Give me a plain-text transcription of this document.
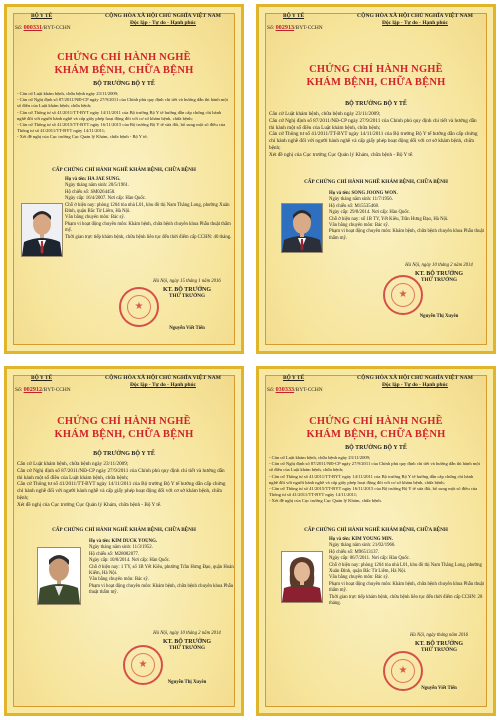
BỘ Y TẾ
Số: 000331/BYT-CCHN
CỘNG HÒA XÃ HỘI CHỦ NGHĨA VIỆT NAM
Độc lập - Tự do - Hạnh phúc
CHỨNG CHỈ HÀNH NGHỀ
KHÁM BỆNH, CHỮA BỆNH
BỘ TRƯỞNG BỘ Y TẾ
- Căn cứ Luật khám bệnh, chữa bệnh ngày 23/11/2009;
- Căn cứ Nghị định số 87/2011/NĐ-CP ngày 27/9/2011 của Chính phủ quy định chi tiết và hướng dẫn thi hành một số điều của Luật khám bệnh, chữa bệnh;
- Căn cứ Thông tư số 41/2011/TT-BYT ngày 14/11/2011 của Bộ trưởng Bộ Y tế hướng dẫn cấp chứng chỉ hành nghề đối với người hành nghề và cấp giấy phép hoạt động đối với cơ sở khám bệnh, chữa bệnh;
- Căn cứ Thông tư số 41/2015/TT-BYT ngày 16/11/2015 của Bộ trưởng Bộ Y tế sửa đổi, bổ sung một số điều của Thông tư số 41/2011/TT-BYT ngày 14/11/2011;
- Xét đề nghị của Cục trưởng Cục Quản lý Khám, chữa bệnh - Bộ Y tế;
CẤP CHỨNG CHỈ HÀNH NGHỀ KHÁM BỆNH, CHỮA BỆNH
Họ và tên: HA JAE SUNG.
Ngày tháng năm sinh: 20/5/1961.
Hộ chiếu số: SM0264458.
Ngày cấp: 16/4/2007. Nơi cấp: Hàn Quốc.
Chỗ ở hiện nay: phòng 1204 tòa nhà L01, khu đô thị Nam Thăng Long, phường Xuân Đỉnh, quận Bắc Từ Liêm, Hà Nội.
Văn bằng chuyên môn: Bác sỹ.
Phạm vi hoạt động chuyên môn: Khám bệnh, chữa bệnh chuyên khoa Phẫu thuật thẩm mỹ.
Thời gian trực tiếp khám bệnh, chữa bệnh liên tục đến thời điểm cấp CCHN: 40 tháng.
★
Hà Nội, ngày 15 tháng 1 năm 2016
KT. BỘ TRƯỞNG
THỨ TRƯỞNG
Nguyễn Viết Tiến
BỘ Y TẾ
Số: 002913/BYT-CCHN
CỘNG HÒA XÃ HỘI CHỦ NGHĨA VIỆT NAM
Độc lập - Tự do - Hạnh phúc
CHỨNG CHỈ HÀNH NGHỀ
KHÁM BỆNH, CHỮA BỆNH
BỘ TRƯỞNG BỘ Y TẾ
Căn cứ Luật khám bệnh, chữa bệnh ngày 23/11/2009;
Căn cứ Nghị định số 87/2011/NĐ-CP ngày 27/9/2011 của Chính phủ quy định chi tiết và hướng dẫn thi hành một số điều của Luật khám bệnh, chữa bệnh;
Căn cứ Thông tư số 41/2011/TT-BYT ngày 14/11/2011 của Bộ trưởng Bộ Y tế hướng dẫn cấp chứng chỉ hành nghề đối với người hành nghề và cấp giấy phép hoạt động đối với cơ sở khám bệnh, chữa bệnh;
Xét đề nghị của Cục trưởng Cục Quản lý Khám, chữa bệnh - Bộ Y tế.
CẤP CHỨNG CHỈ HÀNH NGHỀ KHÁM BỆNH, CHỮA BỆNH
Họ và tên: SONG JOONG WON.
Ngày tháng năm sinh: 11/7/1956.
Hộ chiếu số: M15535468.
Ngày cấp: 29/8/2014. Nơi cấp: Hàn Quốc.
Chỗ ở hiện nay: số 1B TY, Yết Kiêu, Trần Hưng Đạo, Hà Nội.
Văn bằng chuyên môn: Bác sỹ.
Phạm vi hoạt động chuyên môn: Khám bệnh, chữa bệnh chuyên khoa Phẫu thuật thẩm mỹ.
★
Hà Nội, ngày 10 tháng 2 năm 2014
KT. BỘ TRƯỞNG
THỨ TRƯỞNG
Nguyễn Thị Xuyên
BỘ Y TẾ
Số: 002912/BYT-CCHN
CỘNG HÒA XÃ HỘI CHỦ NGHĨA VIỆT NAM
Độc lập - Tự do - Hạnh phúc
CHỨNG CHỈ HÀNH NGHỀ
KHÁM BỆNH, CHỮA BỆNH
BỘ TRƯỞNG BỘ Y TẾ
Căn cứ Luật khám bệnh, chữa bệnh ngày 23/11/2009;
Căn cứ Nghị định số 87/2011/NĐ-CP ngày 27/9/2011 của Chính phủ quy định chi tiết và hướng dẫn thi hành một số điều của Luật khám bệnh, chữa bệnh;
Căn cứ Thông tư số 41/2011/TT-BYT ngày 14/11/2011 của Bộ trưởng Bộ Y tế hướng dẫn cấp chứng chỉ hành nghề đối với người hành nghề và cấp giấy phép hoạt động đối với cơ sở khám bệnh, chữa bệnh;
Xét đề nghị của Cục trưởng Cục Quản lý Khám, chữa bệnh - Bộ Y tế.
CẤP CHỨNG CHỈ HÀNH NGHỀ KHÁM BỆNH, CHỮA BỆNH
Họ và tên: KIM DUCK YOUNG.
Ngày tháng năm sinh: 11/3/1952.
Hộ chiếu số: M28082077.
Ngày cấp: 10/8/2014. Nơi cấp: Hàn Quốc.
Chỗ ở hiện nay: 1 TY, số 1B Yết Kiêu, phường Trần Hưng Đạo, quận Hoàn Kiếm, Hà Nội.
Văn bằng chuyên môn: Bác sỹ.
Phạm vi hoạt động chuyên môn: Khám bệnh, chữa bệnh chuyên khoa Phẫu thuật thẩm mỹ.
★
Hà Nội, ngày 10 tháng 2 năm 2014
KT. BỘ TRƯỞNG
THỨ TRƯỞNG
Nguyễn Thị Xuyên
BỘ Y TẾ
Số: 030333/BYT-CCHN
CỘNG HÒA XÃ HỘI CHỦ NGHĨA VIỆT NAM
Độc lập - Tự do - Hạnh phúc
CHỨNG CHỈ HÀNH NGHỀ
KHÁM BỆNH, CHỮA BỆNH
BỘ TRƯỞNG BỘ Y TẾ
- Căn cứ Luật khám bệnh, chữa bệnh ngày 23/11/2009;
- Căn cứ Nghị định số 87/2011/NĐ-CP ngày 27/9/2011 của Chính phủ quy định chi tiết và hướng dẫn thi hành một số điều của Luật khám bệnh, chữa bệnh;
- Căn cứ Thông tư số 41/2011/TT-BYT ngày 14/11/2011 của Bộ trưởng Bộ Y tế hướng dẫn cấp chứng chỉ hành nghề đối với người hành nghề và cấp giấy phép hoạt động đối với cơ sở khám bệnh, chữa bệnh;
- Căn cứ Thông tư số 41/2015/TT-BYT ngày 16/11/2015 của Bộ trưởng Bộ Y tế sửa đổi, bổ sung một số điều của Thông tư số 41/2011/TT-BYT ngày 14/11/2011;
- Xét đề nghị của Cục trưởng Cục Quản lý Khám, chữa bệnh.
CẤP CHỨNG CHỈ HÀNH NGHỀ KHÁM BỆNH, CHỮA BỆNH
Họ và tên: KIM YOUNG MIN.
Ngày tháng năm sinh: 21/02/1966.
Hộ chiếu số: M96513137.
Ngày cấp: 06/7/2011. Nơi cấp: Hàn Quốc.
Chỗ ở hiện nay: phòng 1204 tòa nhà L01, khu đô thị Nam Thăng Long, phường Xuân Đỉnh, quận Bắc Từ Liêm, Hà Nội.
Văn bằng chuyên môn: Bác sỹ.
Phạm vi hoạt động chuyên môn: Khám bệnh, chữa bệnh chuyên khoa Phẫu thuật thẩm mỹ.
Thời gian trực tiếp khám bệnh, chữa bệnh liên tục đến thời điểm cấp CCHN: 28 tháng.
★
Hà Nội, ngày tháng năm 2016
KT. BỘ TRƯỞNG
THỨ TRƯỞNG
Nguyễn Viết Tiến
